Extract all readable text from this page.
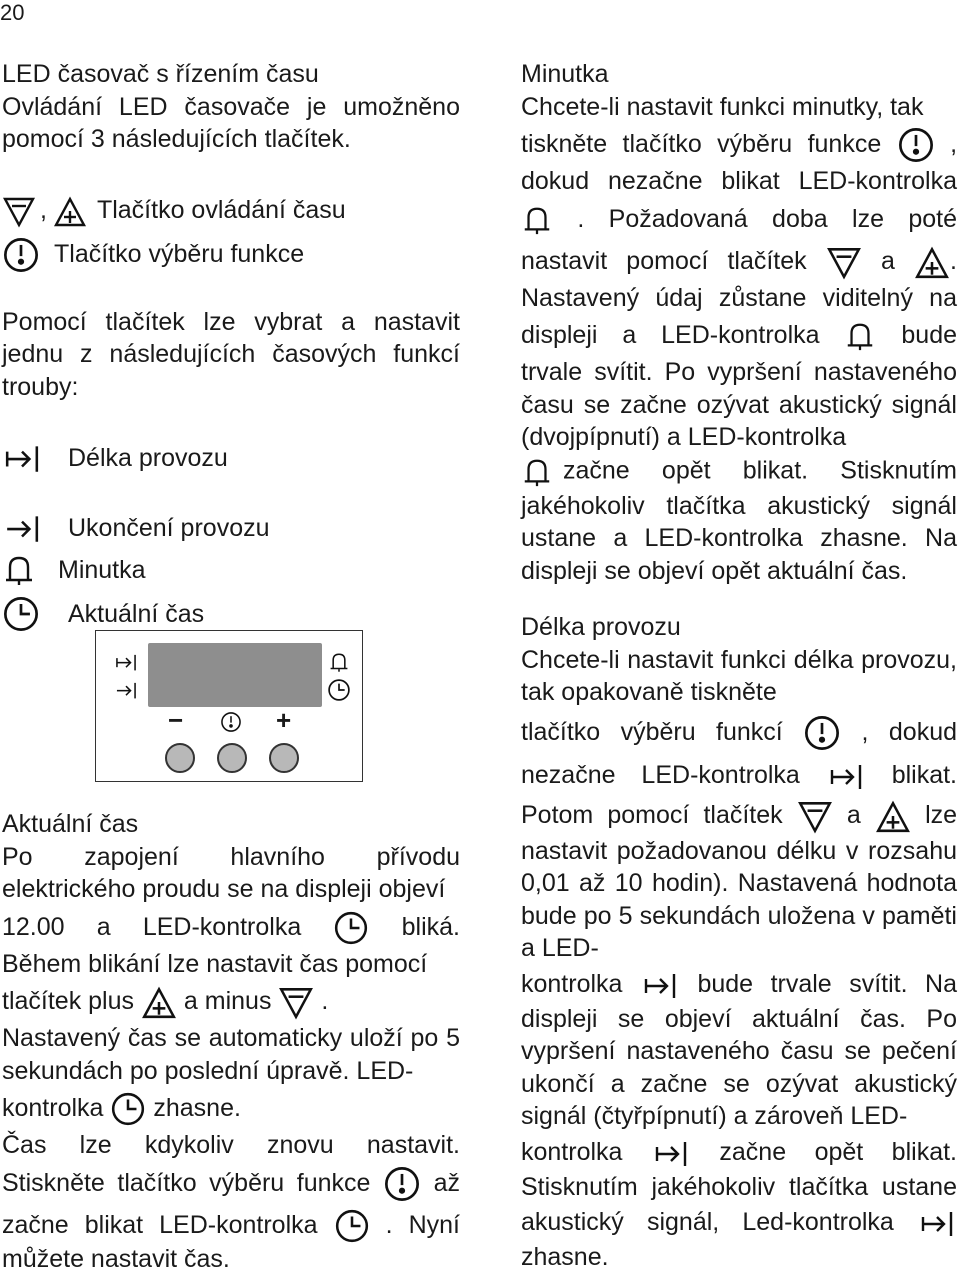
20
LED časovač s řízením času

Ovládání LED časovače je umožněno pomocí 3 následujících tlačítek.

, Tlačítko ovládání času
Tlačítko výběru funkce

Pomocí tlačítek lze vybrat a nastavit jednu z následujících časových funkcí trouby:

Délka provozu
Ukončení provozu
Minutka
Aktuální čas
Aktuální čas

Po zapojení hlavního přívodu elektrického proudu se na displeji objeví

12.00 a LED-kontrolka	bliká.

Během blikání lze nastavit čas pomocí

tlačítek plus a minus .

Nastavený čas se automaticky uloží po 5 sekundách po poslední úpravě. LED-

kontrolka zhasne.

Čas lze kdykoliv znovu nastavit.

Stiskněte tlačítko výběru funkce	až

začne blikat LED-kontrolka	. Nyní

můžete nastavit čas.

−	+
Minutka

Chcete-li nastavit funkci minutky, tak

tiskněte tlačítko výběru funkce	,

dokud nezačne blikat LED-kontrolka

. Požadovaná doba lze poté

nastavit pomocí tlačítek	a .

Nastavený údaj zůstane viditelný na

displeji a LED-kontrolka	bude

trvale svítit. Po vypršení nastaveného času se začne ozývat akustický signál (dvojpípnutí) a LED-kontrolka

začne opět blikat. Stisknutím jakéhokoliv tlačítka akustický signál ustane a LED-kontrolka zhasne. Na displeji se objeví opět aktuální čas.

Délka provozu

Chcete-li nastavit funkci délka provozu, tak opakovaně tiskněte

tlačítko výběru funkcí	, dokud

nezačne LED-kontrolka	blikat.

Potom pomocí tlačítek	a	lze

nastavit požadovanou délku v rozsahu 0,01 až 10 hodin). Nastavená hodnota bude po 5 sekundách uložena v paměti a LED-

kontrolka	bude trvale svítit. Na

displeji se objeví aktuální čas. Po vypršení nastaveného času se pečení ukončí a začne se ozývat akustický signál (čtyřpípnutí) a zároveň LED-

kontrolka	začne opět blikat.

Stisknutím jakéhokoliv tlačítka ustane

akustický signál, Led-kontrolka

zhasne.
